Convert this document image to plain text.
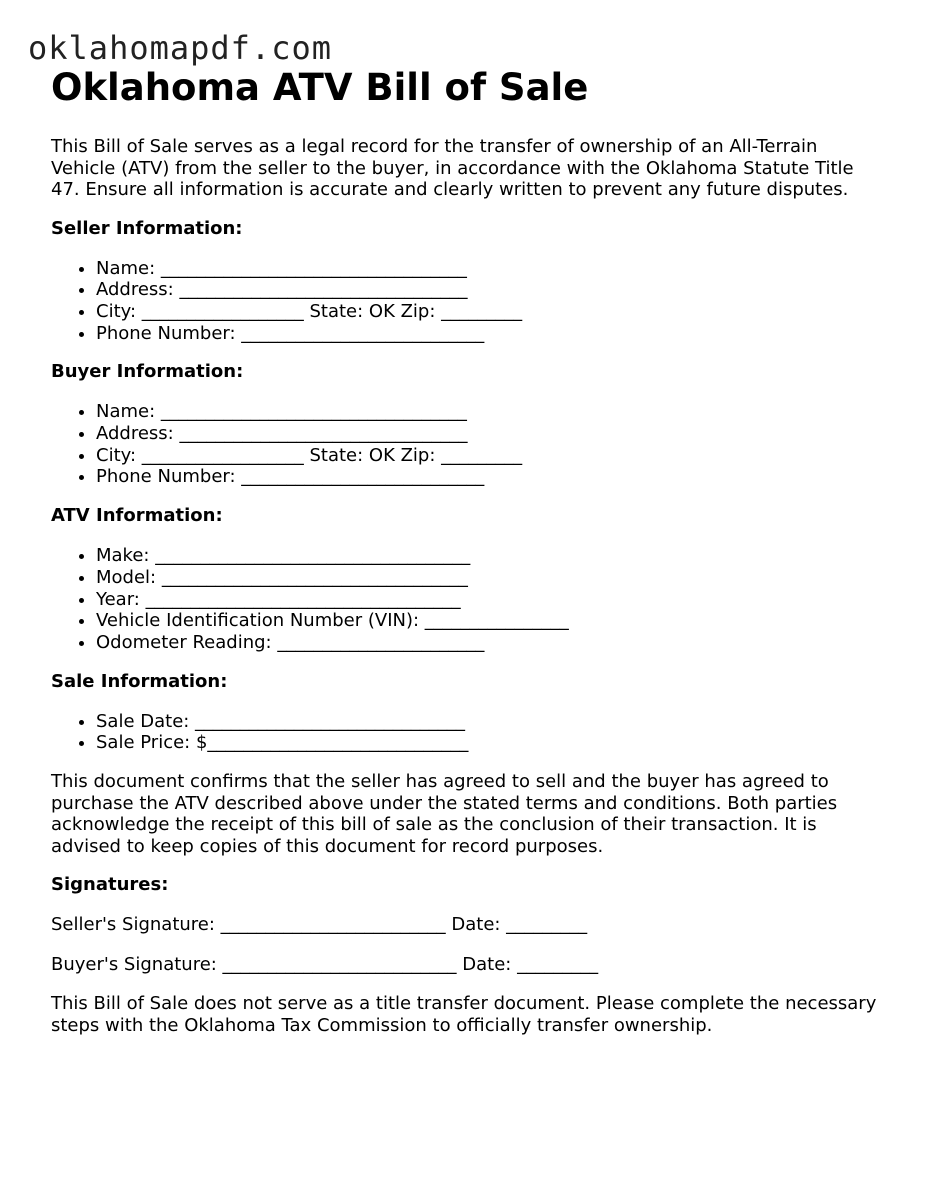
oklahomapdf.com
Oklahoma ATV Bill of Sale

This Bill of Sale serves as a legal record for the transfer of ownership of an All-Terrain Vehicle (ATV) from the seller to the buyer, in accordance with the Oklahoma Statute Title 47. Ensure all information is accurate and clearly written to prevent any future disputes.

Seller Information:
• Name: __________________________________
• Address: ________________________________
• City: __________________ State: OK Zip: _________
• Phone Number: ___________________________
Buyer Information:
• Name: __________________________________
• Address: ________________________________
• City: __________________ State: OK Zip: _________
• Phone Number: ___________________________
ATV Information:
• Make: ___________________________________
• Model: __________________________________
• Year: ___________________________________
• Vehicle Identification Number (VIN): ________________
• Odometer Reading: _______________________
Sale Information:
• Sale Date: ______________________________
• Sale Price: $_____________________________

This document confirms that the seller has agreed to sell and the buyer has agreed to purchase the ATV described above under the stated terms and conditions. Both parties acknowledge the receipt of this bill of sale as the conclusion of their transaction. It is advised to keep copies of this document for record purposes.

Signatures:

Seller's Signature: _________________________ Date: _________

Buyer's Signature: __________________________ Date: _________

This Bill of Sale does not serve as a title transfer document. Please complete the necessary steps with the Oklahoma Tax Commission to officially transfer ownership.
